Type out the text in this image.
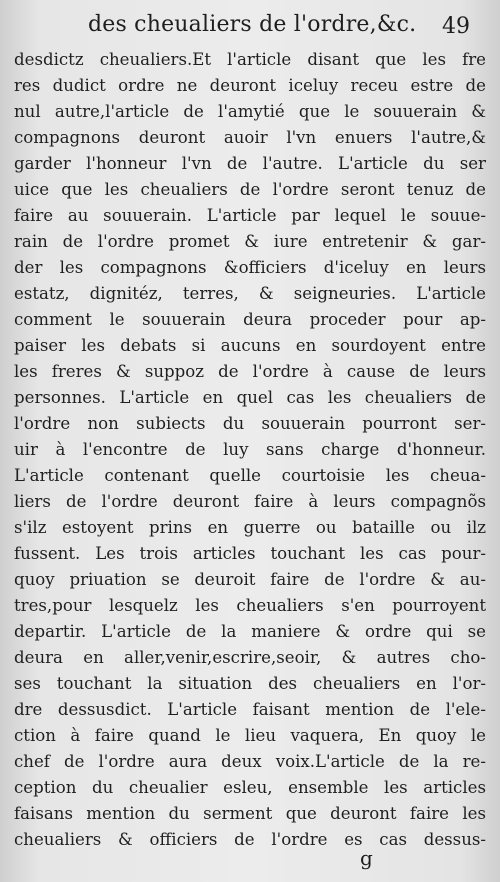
des cheualiers de l'ordre,&c. 49
desdictz cheualiers.Et l'article disant que les fre
res dudict ordre ne deuront iceluy receu estre de
nul autre,l'article de l'amytié que le souuerain &
compagnons deuront auoir l'vn enuers l'autre,&
garder l'honneur l'vn de l'autre. L'article du ser
uice que les cheualiers de l'ordre seront tenuz de
faire au souuerain. L'article par lequel le souue-
rain de l'ordre promet & iure entretenir & gar-
der les compagnons &officiers d'iceluy en leurs
estatz, dignitéz, terres, & seigneuries. L'article
comment le souuerain deura proceder pour ap-
paiser les debats si aucuns en sourdoyent entre
les freres & suppoz de l'ordre à cause de leurs
personnes. L'article en quel cas les cheualiers de
l'ordre non subiects du souuerain pourront ser-
uir à l'encontre de luy sans charge d'honneur.
L'article contenant quelle courtoisie les cheua-
liers de l'ordre deuront faire à leurs compagnõs
s'ilz estoyent prins en guerre ou bataille ou ilz
fussent. Les trois articles touchant les cas pour-
quoy priuation se deuroit faire de l'ordre & au-
tres,pour lesquelz les cheualiers s'en pourroyent
departir. L'article de la maniere & ordre qui se
deura en aller,venir,escrire,seoir, & autres cho-
ses touchant la situation des cheualiers en l'or-
dre dessusdict. L'article faisant mention de l'ele-
ction à faire quand le lieu vaquera, En quoy le
chef de l'ordre aura deux voix.L'article de la re-
ception du cheualier esleu, ensemble les articles
faisans mention du serment que deuront faire les
cheualiers & officiers de l'ordre es cas dessus-
g
